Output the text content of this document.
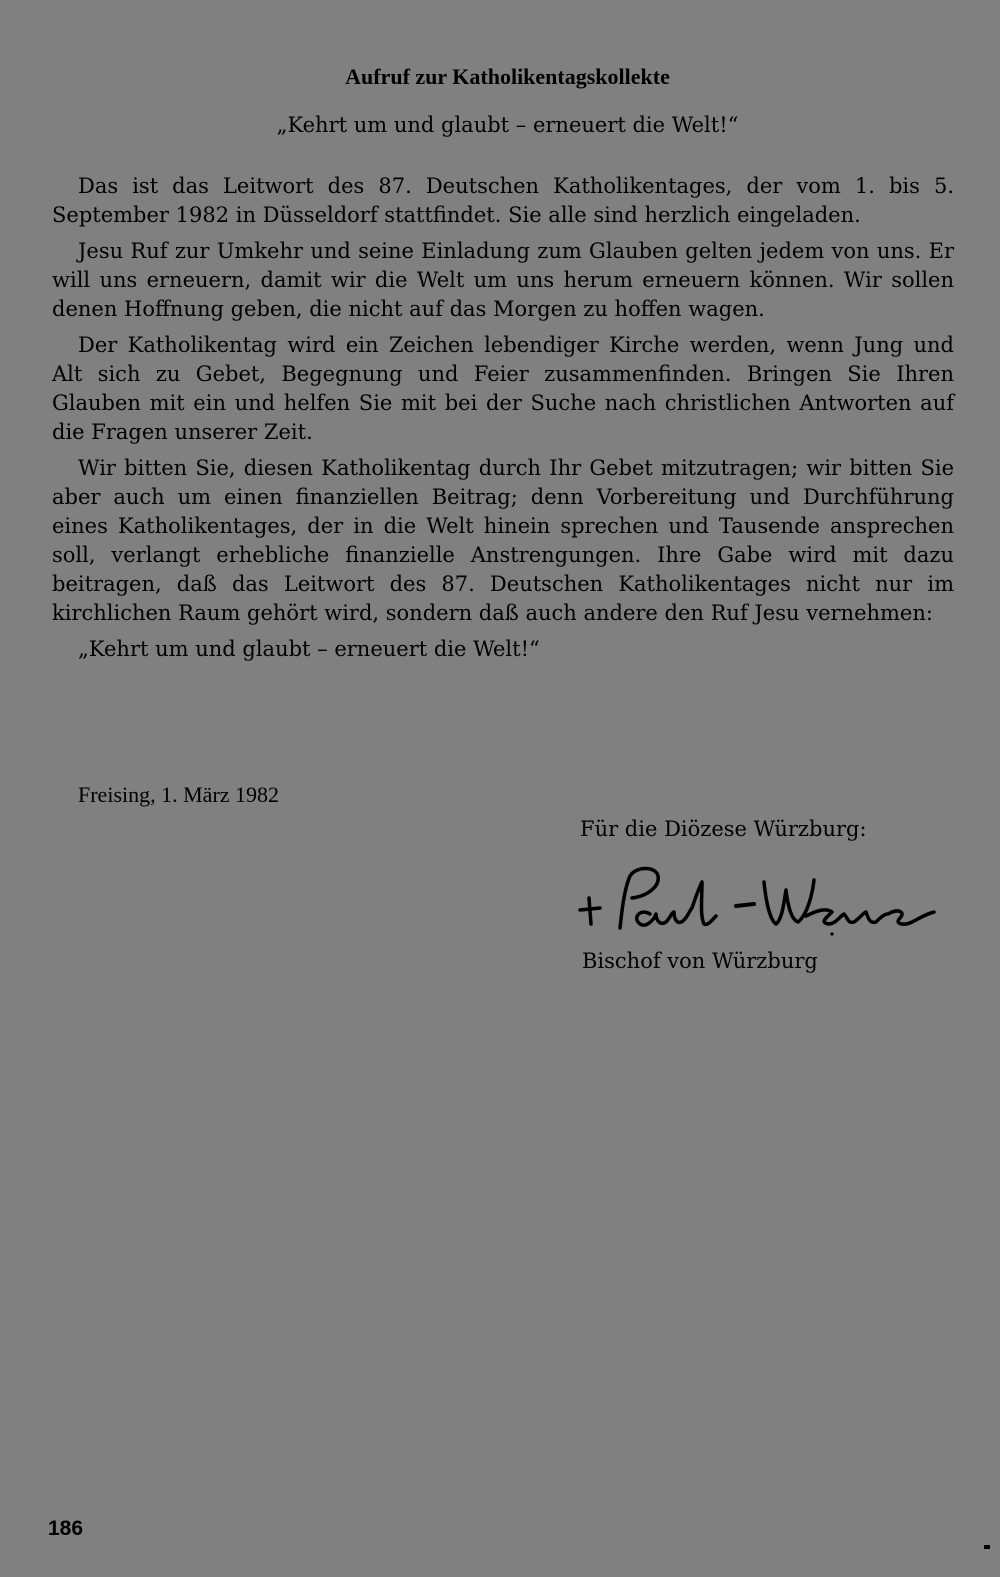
Aufruf zur Katholikentagskollekte

„Kehrt um und glaubt – erneuert die Welt!“

Das ist das Leitwort des 87. Deutschen Katholikentages, der vom 1. bis 5. September 1982 in Düsseldorf stattfindet. Sie alle sind herzlich eingeladen.

Jesu Ruf zur Umkehr und seine Einladung zum Glauben gelten jedem von uns. Er will uns erneuern, damit wir die Welt um uns herum erneuern können. Wir sollen denen Hoffnung geben, die nicht auf das Morgen zu hoffen wagen.

Der Katholikentag wird ein Zeichen lebendiger Kirche werden, wenn Jung und Alt sich zu Gebet, Begegnung und Feier zusammenfinden. Bringen Sie Ihren Glauben mit ein und helfen Sie mit bei der Suche nach christlichen Antworten auf die Fragen unserer Zeit.

Wir bitten Sie, diesen Katholikentag durch Ihr Gebet mitzutragen; wir bitten Sie aber auch um einen finanziellen Beitrag; denn Vorbereitung und Durchführung eines Katholikentages, der in die Welt hinein sprechen und Tausende ansprechen soll, verlangt erhebliche finanzielle Anstrengungen. Ihre Gabe wird mit dazu beitragen, daß das Leitwort des 87. Deutschen Katholikentages nicht nur im kirchlichen Raum gehört wird, sondern daß auch andere den Ruf Jesu vernehmen:

„Kehrt um und glaubt – erneuert die Welt!“

Freising, 1. März 1982

Für die Diözese Würzburg:

Bischof von Würzburg

186
